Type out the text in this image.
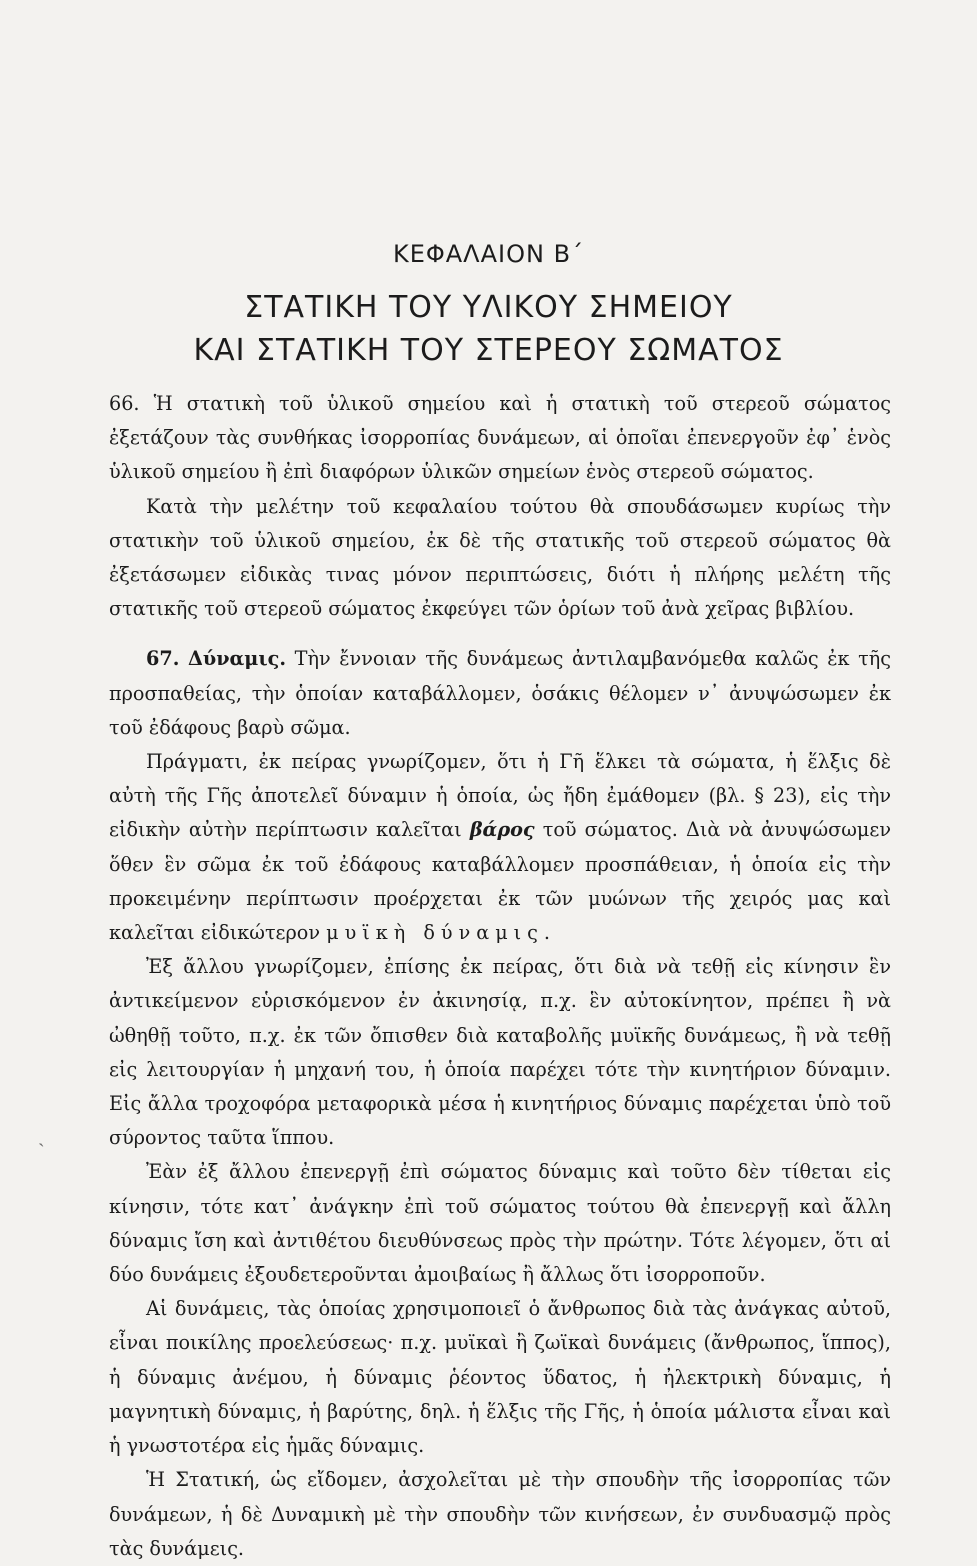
ΚΕΦΑΛΑΙΟΝ Β΄
ΣΤΑΤΙΚΗ ΤΟΥ ΥΛΙΚΟΥ ΣΗΜΕΙΟΥ
ΚΑΙ ΣΤΑΤΙΚΗ ΤΟΥ ΣΤΕΡΕΟΥ ΣΩΜΑΤΟΣ

66. Ἡ στατικὴ τοῦ ὑλικοῦ σημείου καὶ ἡ στατικὴ τοῦ στερεοῦ σώματος ἐξετάζουν τὰς συνθήκας ἰσορροπίας δυνάμεων, αἱ ὁποῖαι ἐπενεργοῦν ἐφ᾿ ἑνὸς ὑλικοῦ σημείου ἢ ἐπὶ διαφόρων ὑλικῶν σημείων ἑνὸς στερεοῦ σώματος.

Κατὰ τὴν μελέτην τοῦ κεφαλαίου τούτου θὰ σπουδάσωμεν κυρίως τὴν στατικὴν τοῦ ὑλικοῦ σημείου, ἐκ δὲ τῆς στατικῆς τοῦ στερεοῦ σώματος θὰ ἐξετάσωμεν εἰδικὰς τινας μόνον περιπτώσεις, διότι ἡ πλήρης μελέτη τῆς στατικῆς τοῦ στερεοῦ σώματος ἐκφεύγει τῶν ὁρίων τοῦ ἀνὰ χεῖρας βιβλίου.

67. Δύναμις. Τὴν ἔννοιαν τῆς δυνάμεως ἀντιλαμβανόμεθα καλῶς ἐκ τῆς προσπαθείας, τὴν ὁποίαν καταβάλλομεν, ὁσάκις θέλομεν ν᾿ ἀνυψώσωμεν ἐκ τοῦ ἐδάφους βαρὺ σῶμα.

Πράγματι, ἐκ πείρας γνωρίζομεν, ὅτι ἡ Γῆ ἕλκει τὰ σώματα, ἡ ἕλξις δὲ αὐτὴ τῆς Γῆς ἀποτελεῖ δύναμιν ἡ ὁποία, ὡς ἤδη ἐμάθομεν (βλ. § 23), εἰς τὴν εἰδικὴν αὐτὴν περίπτωσιν καλεῖται βάρος τοῦ σώματος. Διὰ νὰ ἀνυψώσωμεν ὅθεν ἓν σῶμα ἐκ τοῦ ἐδάφους καταβάλλομεν προσπάθειαν, ἡ ὁποία εἰς τὴν προκειμένην περίπτωσιν προέρχεται ἐκ τῶν μυώνων τῆς χειρός μας καὶ καλεῖται εἰδικώτερον μυϊκὴ δύναμις.

Ἐξ ἄλλου γνωρίζομεν, ἐπίσης ἐκ πείρας, ὅτι διὰ νὰ τεθῇ εἰς κίνησιν ἓν ἀντικείμενον εὑρισκόμενον ἐν ἀκινησίᾳ, π.χ. ἓν αὐτοκίνητον, πρέπει ἢ νὰ ὠθηθῇ τοῦτο, π.χ. ἐκ τῶν ὄπισθεν διὰ καταβολῆς μυϊκῆς δυνάμεως, ἢ νὰ τεθῇ εἰς λειτουργίαν ἡ μηχανή του, ἡ ὁποία παρέχει τότε τὴν κινητήριον δύναμιν. Εἰς ἄλλα τροχοφόρα μεταφορικὰ μέσα ἡ κινητήριος δύναμις παρέχεται ὑπὸ τοῦ σύροντος ταῦτα ἵππου.

Ἐὰν ἐξ ἄλλου ἐπενεργῇ ἐπὶ σώματος δύναμις καὶ τοῦτο δὲν τίθεται εἰς κίνησιν, τότε κατ᾿ ἀνάγκην ἐπὶ τοῦ σώματος τούτου θὰ ἐπενεργῇ καὶ ἄλλη δύναμις ἴση καὶ ἀντιθέτου διευθύνσεως πρὸς τὴν πρώτην. Τότε λέγομεν, ὅτι αἱ δύο δυνάμεις ἐξουδετεροῦνται ἀμοιβαίως ἢ ἄλλως ὅτι ἰσορροποῦν.

Αἱ δυνάμεις, τὰς ὁποίας χρησιμοποιεῖ ὁ ἄνθρωπος διὰ τὰς ἀνάγκας αὐτοῦ, εἶναι ποικίλης προελεύσεως· π.χ. μυϊκαὶ ἢ ζωϊκαὶ δυνάμεις (ἄνθρωπος, ἵππος), ἡ δύναμις ἀνέμου, ἡ δύναμις ῥέοντος ὕδατος, ἡ ἠλεκτρικὴ δύναμις, ἡ μαγνητικὴ δύναμις, ἡ βαρύτης, δηλ. ἡ ἕλξις τῆς Γῆς, ἡ ὁποία μάλιστα εἶναι καὶ ἡ γνωστοτέρα εἰς ἡμᾶς δύναμις.

Ἡ Στατική, ὡς εἴδομεν, ἀσχολεῖται μὲ τὴν σπουδὴν τῆς ἰσορροπίας τῶν δυνάμεων, ἡ δὲ Δυναμικὴ μὲ τὴν σπουδὴν τῶν κινήσεων, ἐν συνδυασμῷ πρὸς τὰς δυνάμεις.

ˎ
